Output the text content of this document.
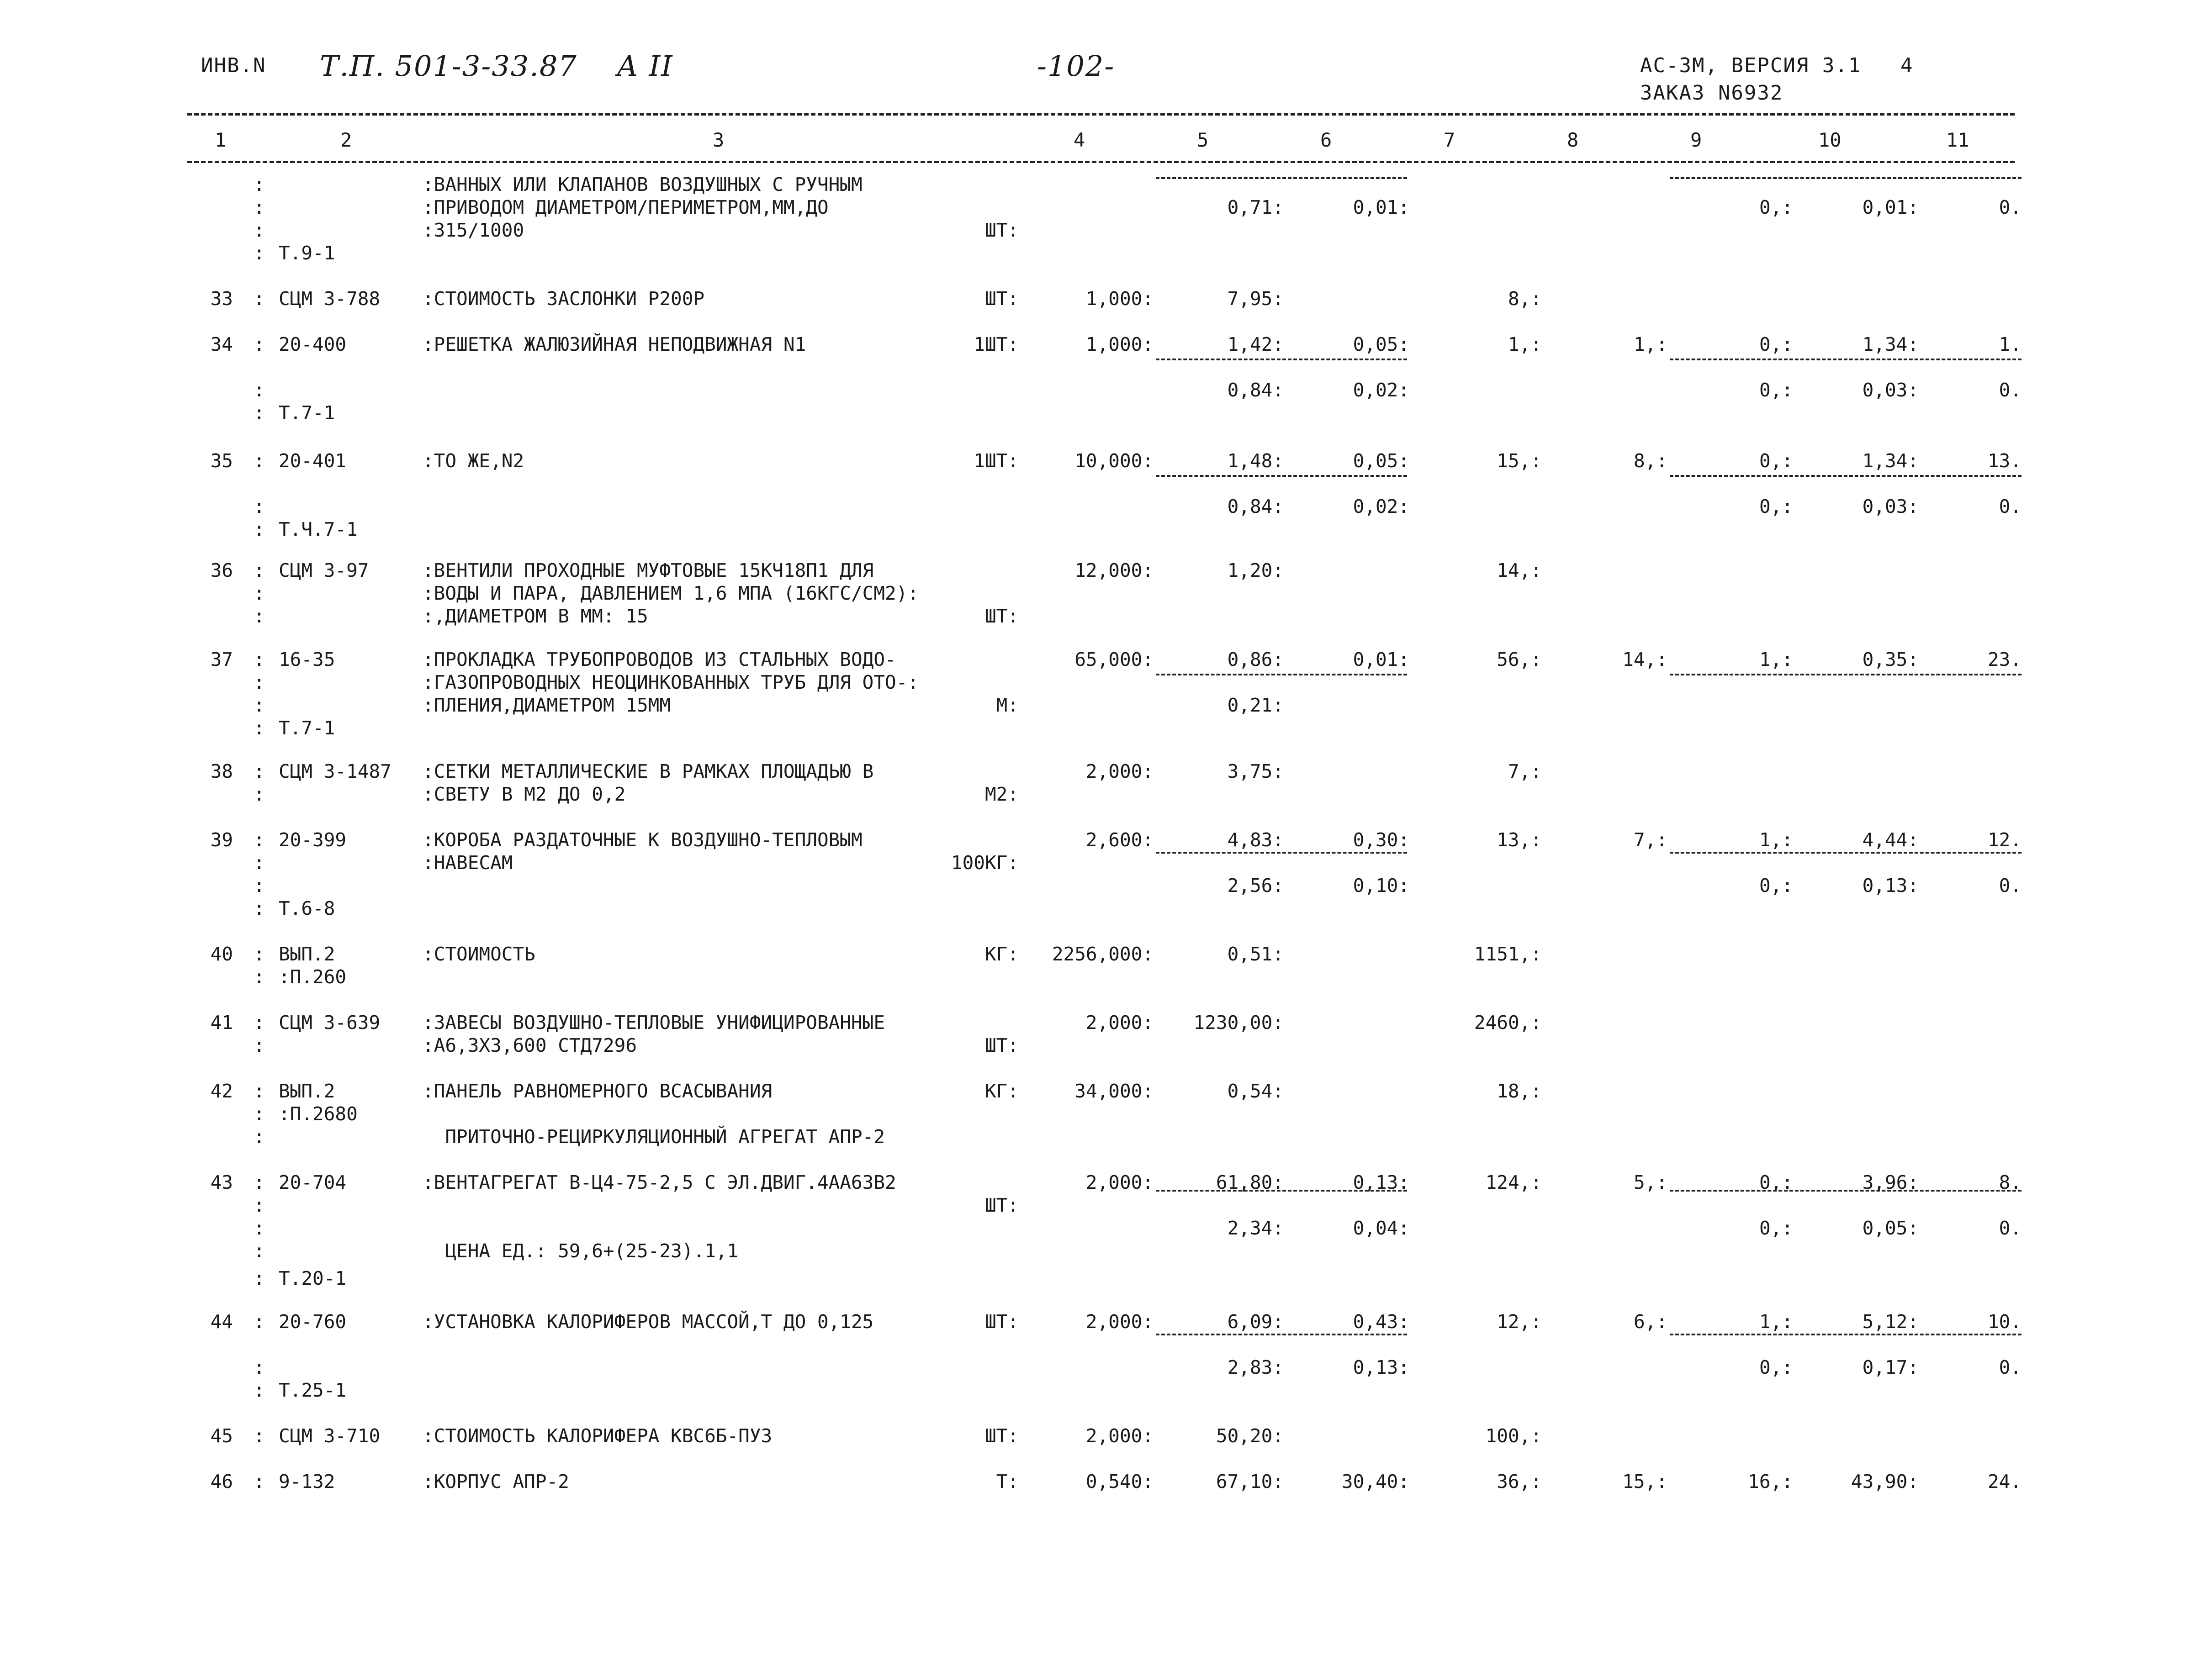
ИНВ.N Т.П. 501-3-33.87 А II	-102-	АС-3М, ВЕРСИЯ 3.1 4
ЗАКАЗ N6932
1	2	3	4	5	6	7	8	9	10	11
:	:ВАННЫХ ИЛИ КЛАПАНОВ ВОЗДУШНЫХ С РУЧНЫМ
:	:ПРИВОДОМ ДИАМЕТРОМ/ПЕРИМЕТРОМ,ММ,ДО	0,71:	0,01:	0,:	0,01:	0.
:	:315/1000	ШТ:
: Т.9-1
:
33 СЦМ 3-788 :СТОИМОСТЬ ЗАСЛОНКИ Р200Р	ШТ:	1,000:	7,95:	8,:
:
34 20-400	:РЕШЕТКА ЖАЛЮЗИЙНАЯ НЕПОДВИЖНАЯ N1	1ШТ:	1,000:	1,42:	0,05:	1,:	1,:	0,:	1,34:	1.
:	0,84:	0,02:	0,:	0,03:	0.
: Т.7-1
:
35 20-401	:ТО ЖЕ,N2	1ШТ:	10,000:	1,48:	0,05:	15,:	8,:	0,:	1,34:	13.
:	0,84:	0,02:	0,:	0,03:	0.
: Т.Ч.7-1
:
36 СЦМ 3-97	:ВЕНТИЛИ ПРОХОДНЫЕ МУФТОВЫЕ 15КЧ18П1 ДЛЯ	12,000:	1,20:	14,:
:	:ВОДЫ И ПАРА, ДАВЛЕНИЕМ 1,6 МПА (16КГС/СМ2):
:	:,ДИАМЕТРОМ В ММ: 15	ШТ:
:
37 16-35	:ПРОКЛАДКА ТРУБОПРОВОДОВ ИЗ СТАЛЬНЫХ ВОДО-	65,000:	0,86:	0,01:	56,:	14,:	1,:	0,35:	23.
:	:ГАЗОПРОВОДНЫХ НЕОЦИНКОВАННЫХ ТРУБ ДЛЯ ОТО-:
:	:ПЛЕНИЯ,ДИАМЕТРОМ 15ММ	М:	0,21:
: Т.7-1
:
38 СЦМ 3-1487 :СЕТКИ МЕТАЛЛИЧЕСКИЕ В РАМКАХ ПЛОЩАДЬЮ В	2,000:	3,75:	7,:
:	:СВЕТУ В М2 ДО 0,2	М2:
:
39 20-399	:КОРОБА РАЗДАТОЧНЫЕ К ВОЗДУШНО-ТЕПЛОВЫМ	2,600:	4,83:	0,30:	13,:	7,:	1,:	4,44:	12.
:	:НАВЕСАМ	100КГ:
:	2,56:	0,10:	0,:	0,13:	0.
: Т.6-8
:
40 ВЫП.2	:СТОИМОСТЬ	КГ:	2256,000:	0,51:	1151,:
: :П.260
:
41 СЦМ 3-639 :ЗАВЕСЫ ВОЗДУШНО-ТЕПЛОВЫЕ УНИФИЦИРОВАННЫЕ	2,000:	1230,00:	2460,:
:	:А6,3Х3,600 СТД7296	ШТ:
:
42 ВЫП.2	:ПАНЕЛЬ РАВНОМЕРНОГО ВСАСЫВАНИЯ	КГ:	34,000:	0,54:	18,:
: :П.2680
:	ПРИТОЧНО-РЕЦИРКУЛЯЦИОННЫЙ АГРЕГАТ АПР-2
:
43 20-704	:ВЕНТАГРЕГАТ В-Ц4-75-2,5 С ЭЛ.ДВИГ.4АА63В2	2,000:	61,80:	0,13:	124,:	5,:	0,:	3,96:	8.
:	ШТ:
:	2,34:	0,04:	0,:	0,05:	0.
:	ЦЕНА ЕД.: 59,6+(25-23).1,1
: Т.20-1
:
44 20-760	:УСТАНОВКА КАЛОРИФЕРОВ МАССОЙ,Т ДО 0,125	ШТ:	2,000:	6,09:	0,43:	12,:	6,:	1,:	5,12:	10.
:	2,83:	0,13:	0,:	0,17:	0.
: Т.25-1
:
45 СЦМ 3-710 :СТОИМОСТЬ КАЛОРИФЕРА КВС6Б-ПУЗ	ШТ:	2,000:	50,20:	100,:
:
46 9-132	:КОРПУС АПР-2	Т:	0,540:	67,10:	30,40:	36,:	15,:	16,:	43,90:	24.
